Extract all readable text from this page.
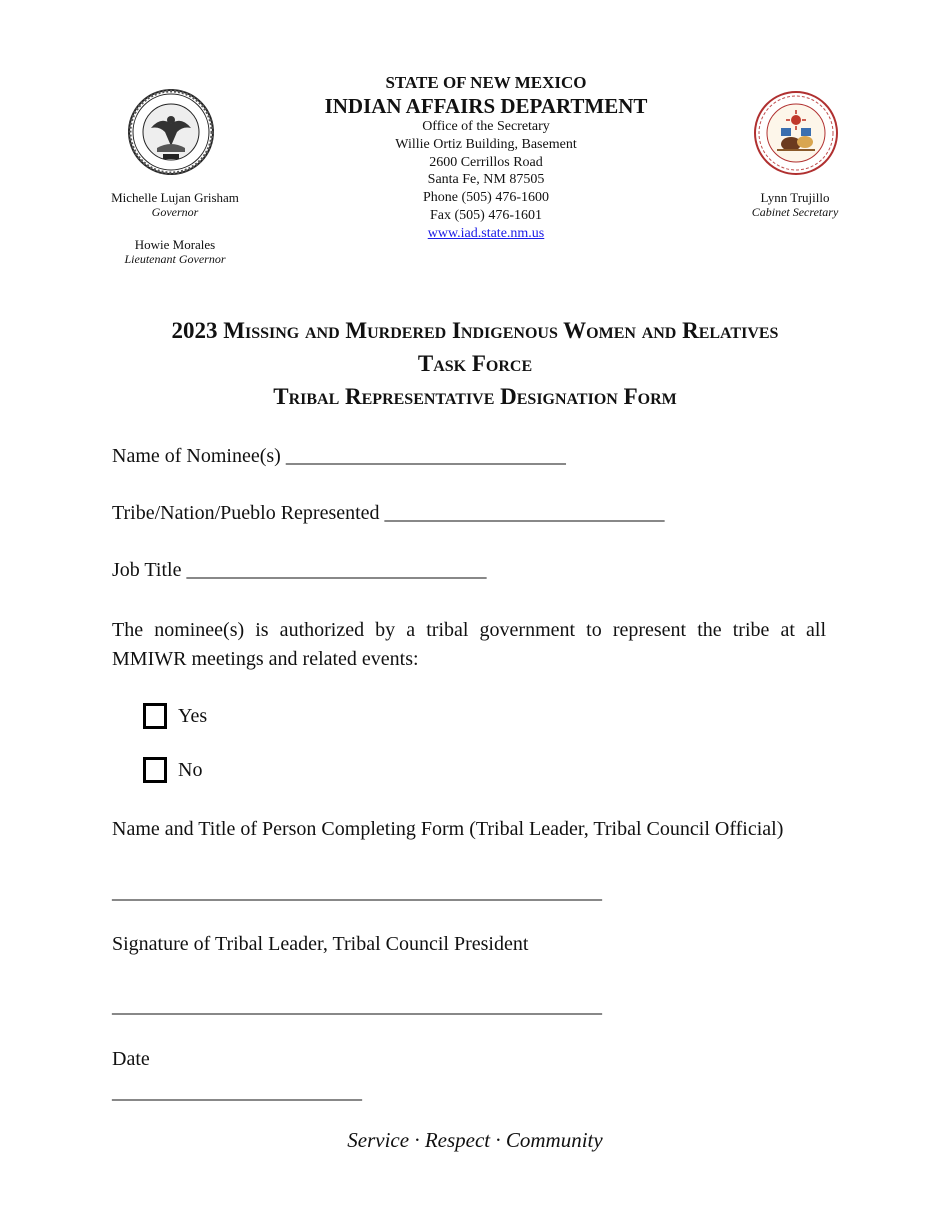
Michelle Lujan Grisham
Governor
Howie Morales
Lieutenant Governor
Lynn Trujillo
Cabinet Secretary
STATE OF NEW MEXICO
INDIAN AFFAIRS DEPARTMENT
Office of the Secretary
Willie Ortiz Building, Basement
2600 Cerrillos Road
Santa Fe, NM 87505
Phone (505) 476-1600
Fax (505) 476-1601
www.iad.state.nm.us
2023 Missing and Murdered Indigenous Women and Relatives
Task Force
Tribal Representative Designation Form
Name of Nominee(s) ____________________________
Tribe/Nation/Pueblo Represented ____________________________
Job Title ______________________________
The nominee(s) is authorized by a tribal government to represent the tribe at all MMIWR meetings and related events:
Yes
No
Name and Title of Person Completing Form (Tribal Leader, Tribal Council Official)
_________________________________________________
Signature of Tribal Leader, Tribal Council President
_________________________________________________
Date
_________________________
Service · Respect · Community
